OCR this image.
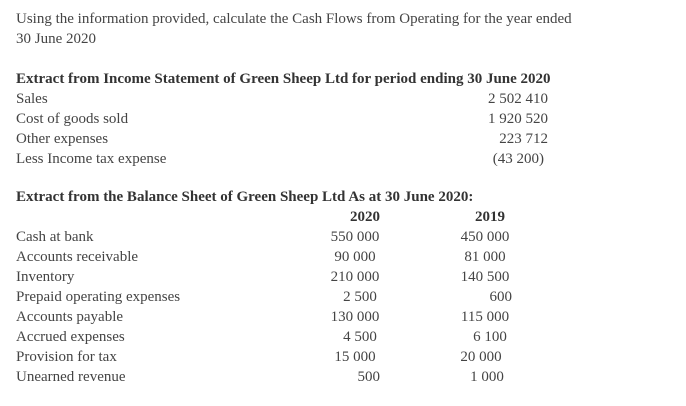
Using the information provided, calculate the Cash Flows from Operating for the year ended
30 June 2020
Extract from Income Statement of Green Sheep Ltd for period ending 30 June 2020
Sales	2 502 410
Cost of goods sold	1 920 520
Other expenses	223 712
Less Income tax expense	(43 200)
Extract from the Balance Sheet of Green Sheep Ltd As at 30 June 2020:
2020	2019
Cash at bank	550 000	450 000
Accounts receivable	90 000	81 000
Inventory	210 000	140 500
Prepaid operating expenses	2 500	600
Accounts payable	130 000	115 000
Accrued expenses	4 500	6 100
Provision for tax	15 000	20 000
Unearned revenue	500	1 000
